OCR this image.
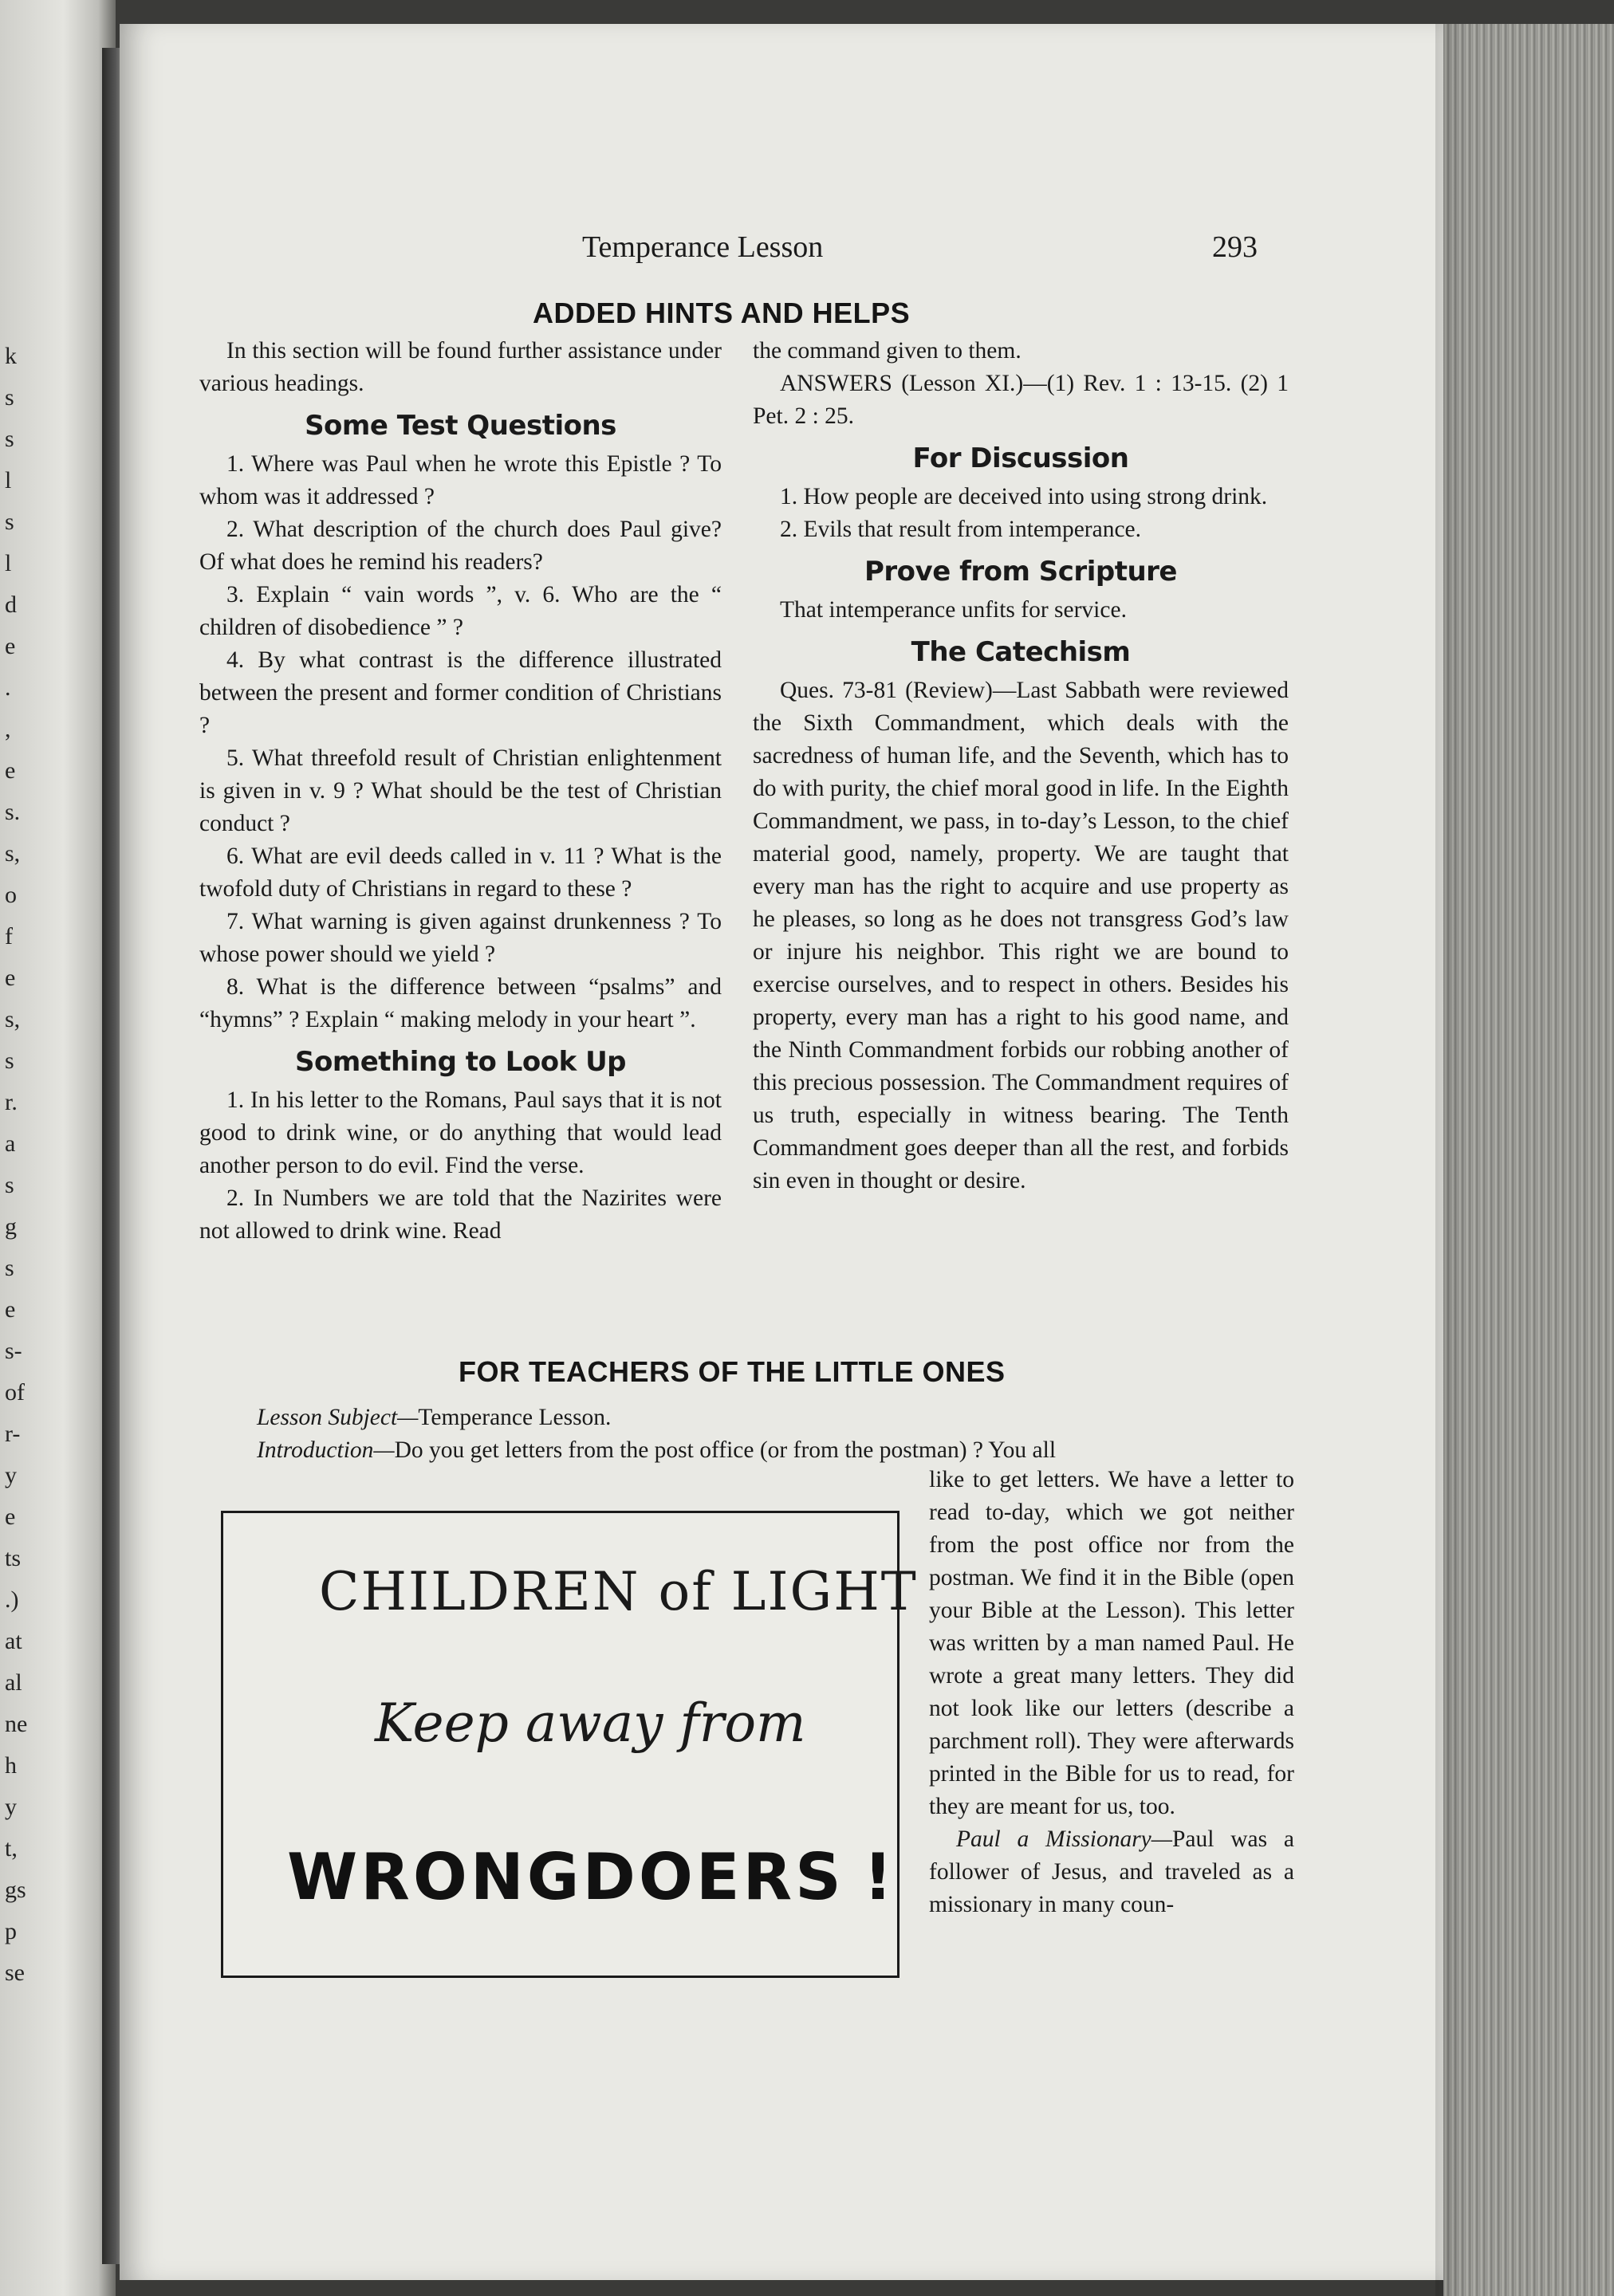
k
s
s
l
s
l
d
e
.
,
e
s.
s,
o
f
e
s,
s
r.
a
s
g
s
e
s-
of
r-
y
e
ts
.)
at
al
ne
h
y
t,
gs
p
se
Temperance Lesson	293
ADDED HINTS AND HELPS

In this section will be found further assistance under various headings.

Some Test Questions

1. Where was Paul when he wrote this Epistle ? To whom was it addressed ?

2. What description of the church does Paul give? Of what does he remind his readers?

3. Explain “ vain words ”, v. 6. Who are the “ children of disobedience ” ?

4. By what contrast is the difference illustrated between the present and former condition of Christians ?

5. What threefold result of Christian enlightenment is given in v. 9 ? What should be the test of Christian conduct ?

6. What are evil deeds called in v. 11 ? What is the twofold duty of Christians in regard to these ?

7. What warning is given against drunkenness ? To whose power should we yield ?

8. What is the difference between “psalms” and “hymns” ? Explain “ making melody in your heart ”.

Something to Look Up

1. In his letter to the Romans, Paul says that it is not good to drink wine, or do anything that would lead another person to do evil. Find the verse.

2. In Numbers we are told that the Nazirites were not allowed to drink wine. Read

the command given to them.

ANSWERS (Lesson XI.)—(1) Rev. 1 : 13-15. (2) 1 Pet. 2 : 25.

For Discussion

1. How people are deceived into using strong drink.

2. Evils that result from intemperance.

Prove from Scripture

That intemperance unfits for service.

The Catechism

Ques. 73-81 (Review)—Last Sabbath were reviewed the Sixth Commandment, which deals with the sacredness of human life, and the Seventh, which has to do with purity, the chief moral good in life. In the Eighth Commandment, we pass, in to-day’s Lesson, to the chief material good, namely, property. We are taught that every man has the right to acquire and use property as he pleases, so long as he does not transgress God’s law or injure his neighbor. This right we are bound to exercise ourselves, and to respect in others. Besides his property, every man has a right to his good name, and the Ninth Commandment forbids our robbing another of this precious possession. The Commandment requires of us truth, especially in witness bearing. The Tenth Commandment goes deeper than all the rest, and forbids sin even in thought or desire.

FOR TEACHERS OF THE LITTLE ONES

Lesson Subject—Temperance Lesson.

Introduction—Do you get letters from the post office (or from the postman) ? You all

like to get letters. We have a letter to read to-day, which we got neither from the post office nor from the postman. We find it in the Bible (open your Bible at the Lesson). This letter was written by a man named Paul. He wrote a great many letters. They did not look like our letters (describe a parchment roll). They were afterwards printed in the Bible for us to read, for they are meant for us, too.

Paul a Missionary—Paul was a follower of Jesus, and traveled as a missionary in many coun-

CHILDREN of LIGHT
Keep away from
WRONGDOERS !
